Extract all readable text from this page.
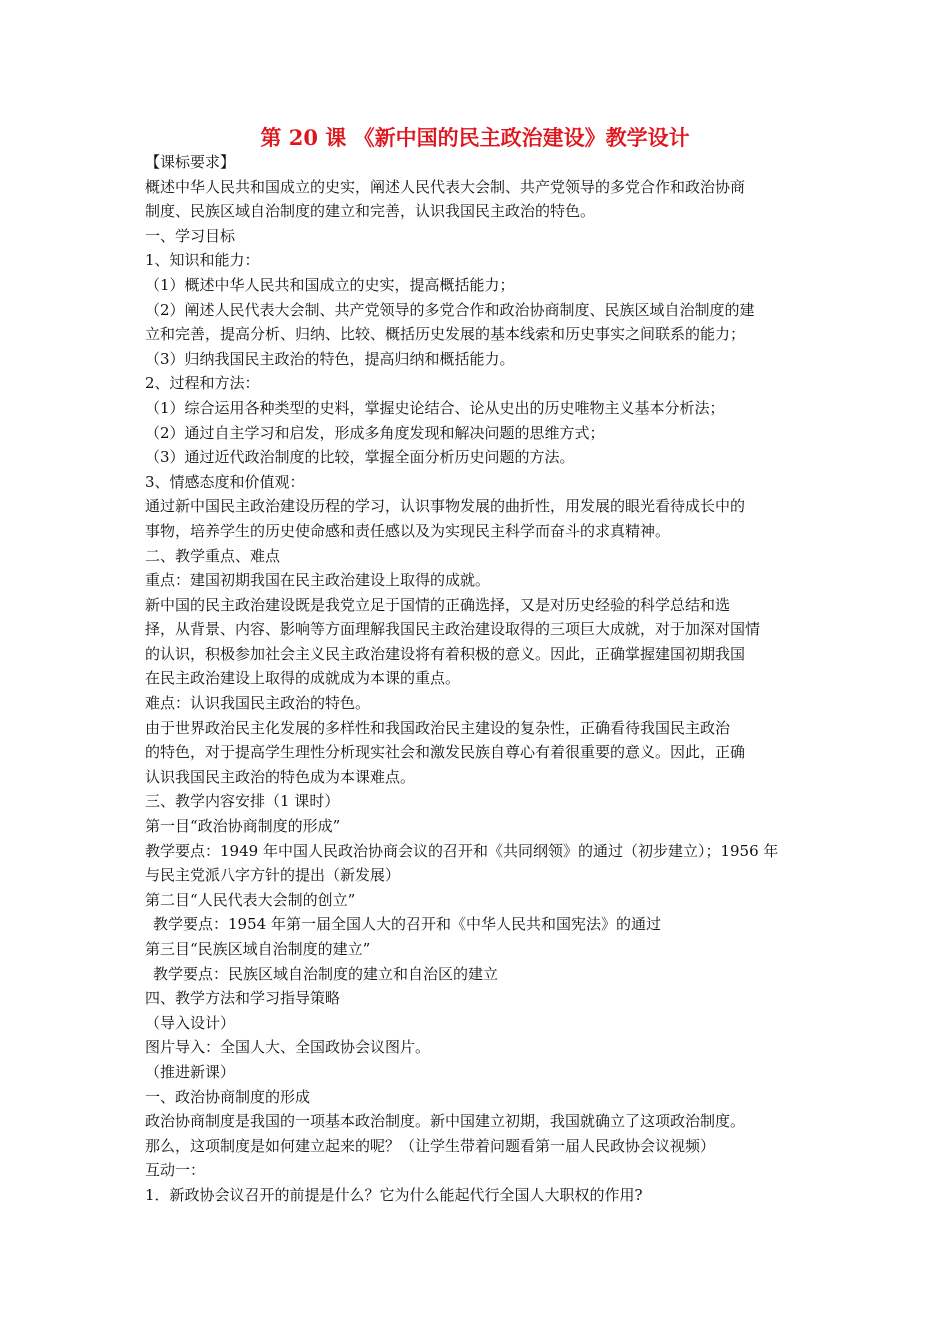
第 20 课 《新中国的民主政治建设》教学设计
【课标要求】
概述中华人民共和国成立的史实，阐述人民代表大会制、共产党领导的多党合作和政治协商
制度、民族区域自治制度的建立和完善，认识我国民主政治的特色。
一、学习目标
1、知识和能力：
（1）概述中华人民共和国成立的史实，提高概括能力；
（2）阐述人民代表大会制、共产党领导的多党合作和政治协商制度、民族区域自治制度的建
立和完善，提高分析、归纳、比较、概括历史发展的基本线索和历史事实之间联系的能力；
（3）归纳我国民主政治的特色，提高归纳和概括能力。
2、过程和方法：
（1）综合运用各种类型的史料，掌握史论结合、论从史出的历史唯物主义基本分析法；
（2）通过自主学习和启发，形成多角度发现和解决问题的思维方式；
（3）通过近代政治制度的比较，掌握全面分析历史问题的方法。
3、情感态度和价值观：
通过新中国民主政治建设历程的学习，认识事物发展的曲折性，用发展的眼光看待成长中的
事物，培养学生的历史使命感和责任感以及为实现民主科学而奋斗的求真精神。
二、教学重点、难点
重点：建国初期我国在民主政治建设上取得的成就。
新中国的民主政治建设既是我党立足于国情的正确选择，又是对历史经验的科学总结和选
择，从背景、内容、影响等方面理解我国民主政治建设取得的三项巨大成就，对于加深对国情
的认识，积极参加社会主义民主政治建设将有着积极的意义。因此，正确掌握建国初期我国
在民主政治建设上取得的成就成为本课的重点。
难点：认识我国民主政治的特色。
由于世界政治民主化发展的多样性和我国政治民主建设的复杂性，正确看待我国民主政治
的特色，对于提高学生理性分析现实社会和激发民族自尊心有着很重要的意义。因此，正确
认识我国民主政治的特色成为本课难点。
三、教学内容安排（1 课时）
第一目“政治协商制度的形成”
教学要点：1949 年中国人民政治协商会议的召开和《共同纲领》的通过（初步建立）；1956 年
与民主党派八字方针的提出（新发展）
第二目“人民代表大会制的创立”
教学要点：1954 年第一届全国人大的召开和《中华人民共和国宪法》的通过
第三目“民族区域自治制度的建立”
教学要点：民族区域自治制度的建立和自治区的建立
四、教学方法和学习指导策略
（导入设计）
图片导入：全国人大、全国政协会议图片。
（推进新课）
一、政治协商制度的形成
政治协商制度是我国的一项基本政治制度。新中国建立初期，我国就确立了这项政治制度。
那么，这项制度是如何建立起来的呢？（让学生带着问题看第一届人民政协会议视频）
互动一：
1．新政协会议召开的前提是什么？它为什么能起代行全国人大职权的作用?
